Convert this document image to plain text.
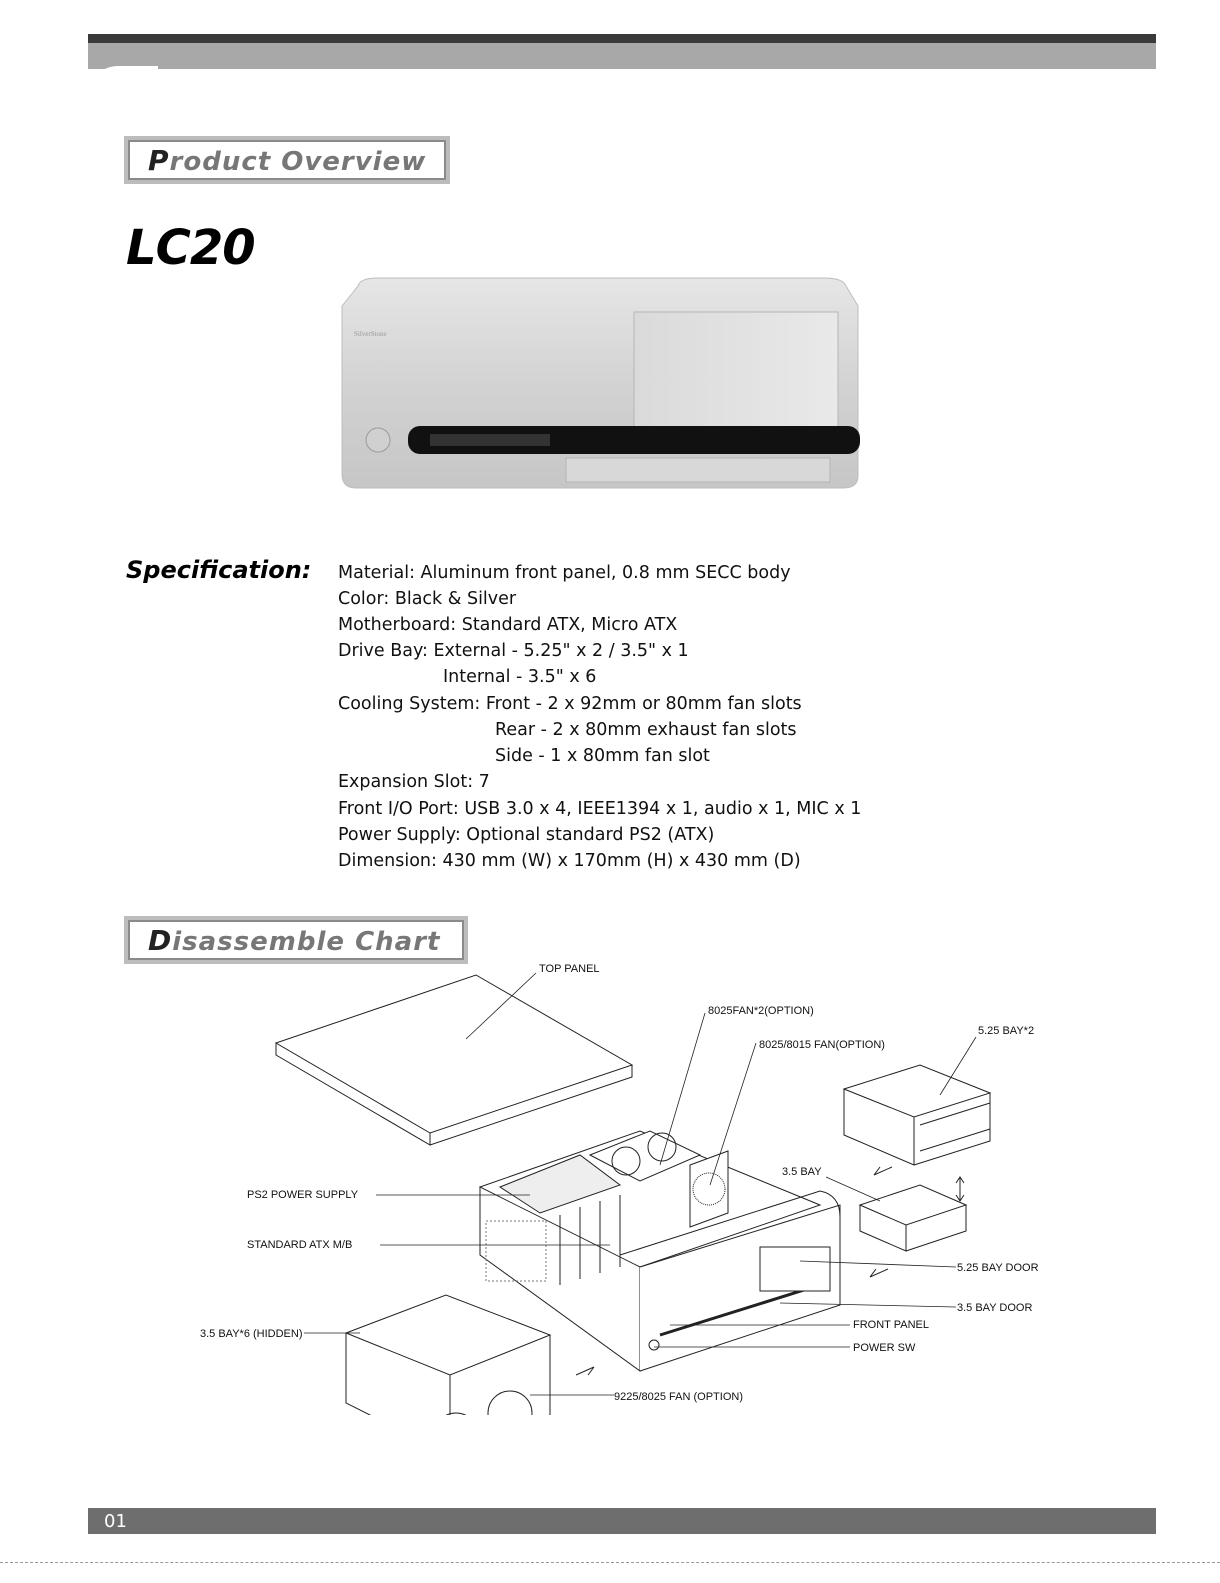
Product Overview
LC20
SilverStone
Specification: Material: Aluminum front panel, 0.8 mm SECC body
Color: Black & Silver
Motherboard: Standard ATX, Micro ATX
Drive Bay: External - 5.25" x 2 / 3.5" x 1
Internal - 3.5" x 6
Cooling System: Front - 2 x 92mm or 80mm fan slots
Rear - 2 x 80mm exhaust fan slots
Side - 1 x 80mm fan slot
Expansion Slot: 7
Front I/O Port: USB 3.0 x 4, IEEE1394 x 1, audio x 1, MIC x 1
Power Supply: Optional standard PS2 (ATX)
Dimension: 430 mm (W) x 170mm (H) x 430 mm (D)
Disassemble Chart
TOP PANEL
8025FAN*2(OPTION)
8025/8015 FAN(OPTION)
5.25 BAY*2
3.5 BAY
PS2 POWER SUPPLY
STANDARD ATX M/B
5.25 BAY DOOR
3.5 BAY DOOR
FRONT PANEL
POWER SW
3.5 BAY*6 (HIDDEN)
9225/8025 FAN (OPTION)
01
